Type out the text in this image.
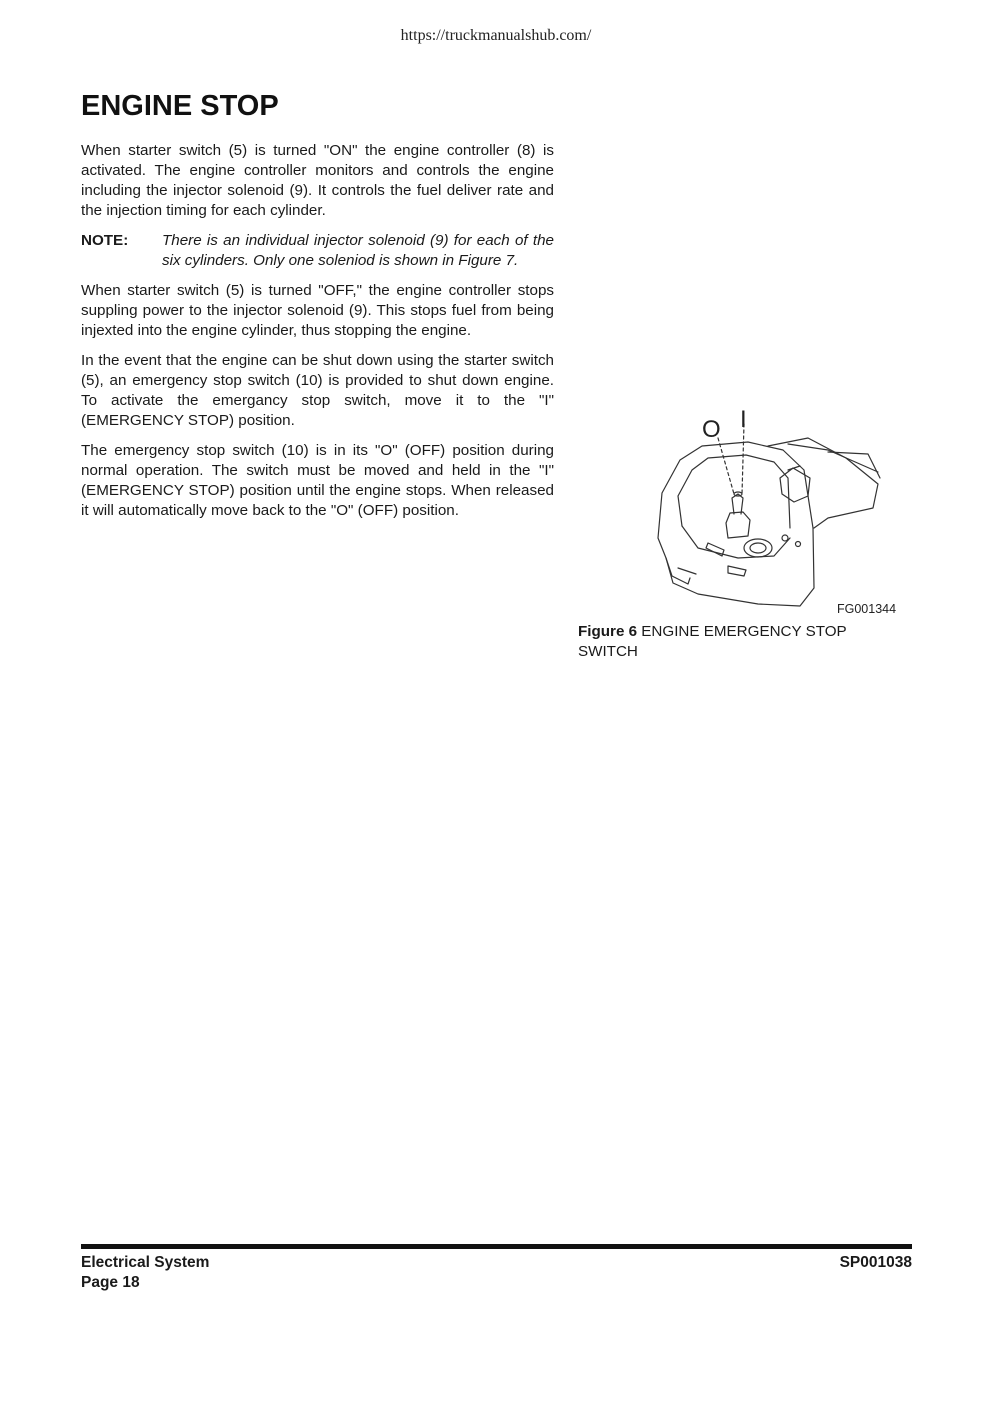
https://truckmanualshub.com/
ENGINE STOP

When starter switch (5) is turned "ON" the engine controller (8) is activated. The engine controller monitors and controls the engine including the injector solenoid (9). It controls the fuel deliver rate and the injection timing for each cylinder.

NOTE:	There is an individual injector solenoid (9) for each of the six cylinders. Only one soleniod is shown in Figure 7.

When starter switch (5) is turned "OFF," the engine controller stops suppling power to the injector solenoid (9). This stops fuel from being injexted into the engine cylinder, thus stopping the engine.

In the event that the engine can be shut down using the starter switch (5), an emergency stop switch (10) is provided to shut down engine. To activate the emergancy stop switch, move it to the "I" (EMERGENCY STOP) position.

The emergency stop switch (10) is in its "O" (OFF) position during normal operation. The switch must be moved and held in the "I" (EMERGENCY STOP) position until the engine stops. When released it will automatically move back to the "O" (OFF) position.

O I
FG001344
Figure 6 ENGINE EMERGENCY STOP SWITCH
Electrical System
Page 18
SP001038
